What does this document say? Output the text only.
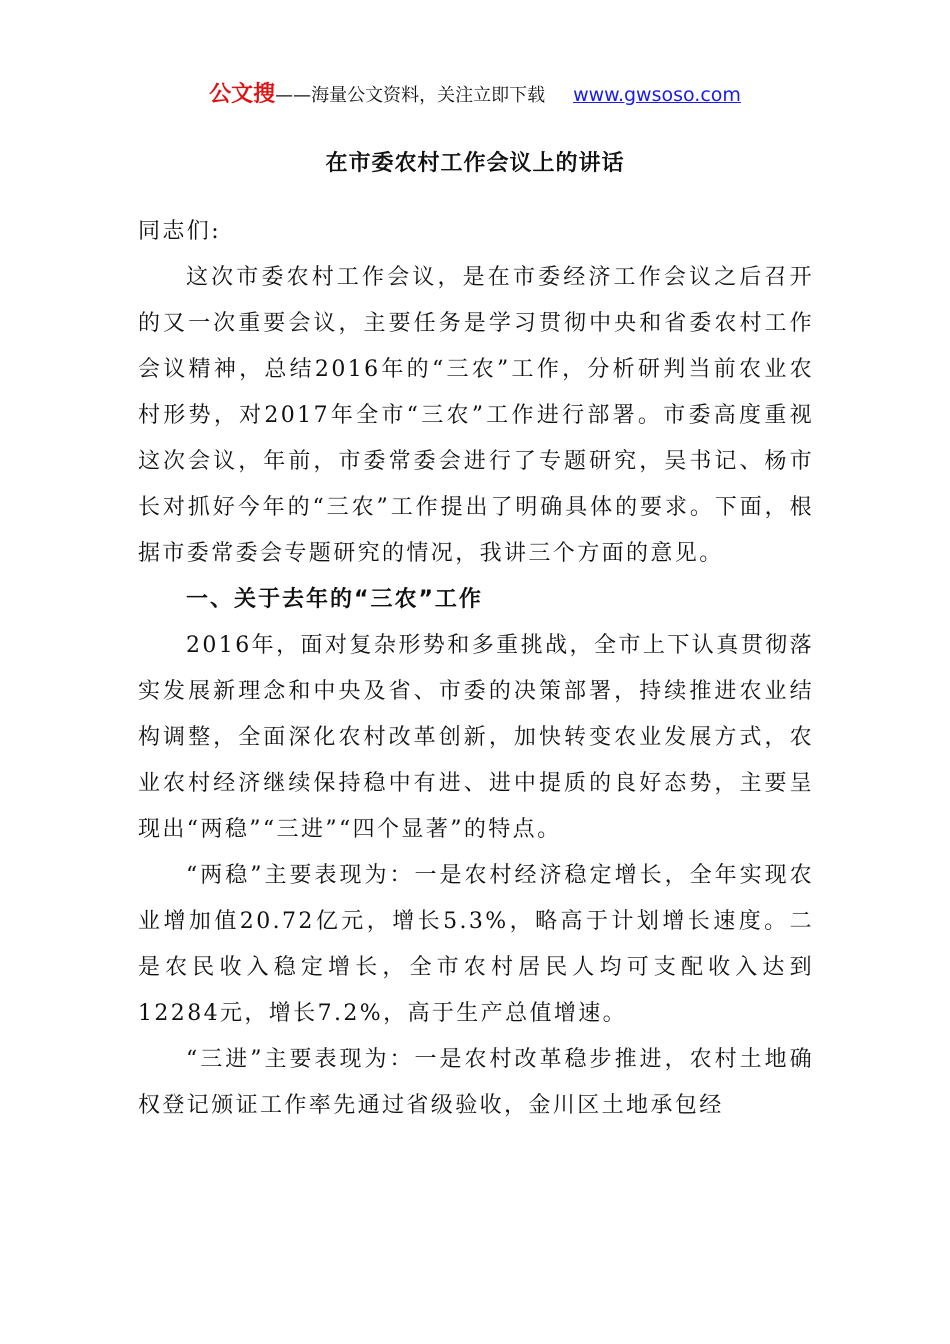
公文搜——海量公文资料，关注立即下载 www.gwsoso.com
在市委农村工作会议上的讲话

同志们:

这次市委农村工作会议，是在市委经济工作会议之后召开的又一次重要会议，主要任务是学习贯彻中央和省委农村工作会议精神，总结2016年的“三农”工作，分析研判当前农业农村形势，对2017年全市“三农”工作进行部署。市委高度重视这次会议，年前，市委常委会进行了专题研究，吴书记、杨市长对抓好今年的“三农”工作提出了明确具体的要求。下面，根据市委常委会专题研究的情况，我讲三个方面的意见。

一、关于去年的“三农”工作

2016年，面对复杂形势和多重挑战，全市上下认真贯彻落实发展新理念和中央及省、市委的决策部署，持续推进农业结构调整，全面深化农村改革创新，加快转变农业发展方式，农业农村经济继续保持稳中有进、进中提质的良好态势，主要呈现出“两稳”“三进”“四个显著”的特点。

“两稳”主要表现为：一是农村经济稳定增长，全年实现农业增加值20.72亿元，增长5.3%，略高于计划增长速度。二是农民收入稳定增长，全市农村居民人均可支配收入达到12284元，增长7.2%，高于生产总值增速。

“三进”主要表现为：一是农村改革稳步推进，农村土地确权登记颁证工作率先通过省级验收，金川区土地承包经
